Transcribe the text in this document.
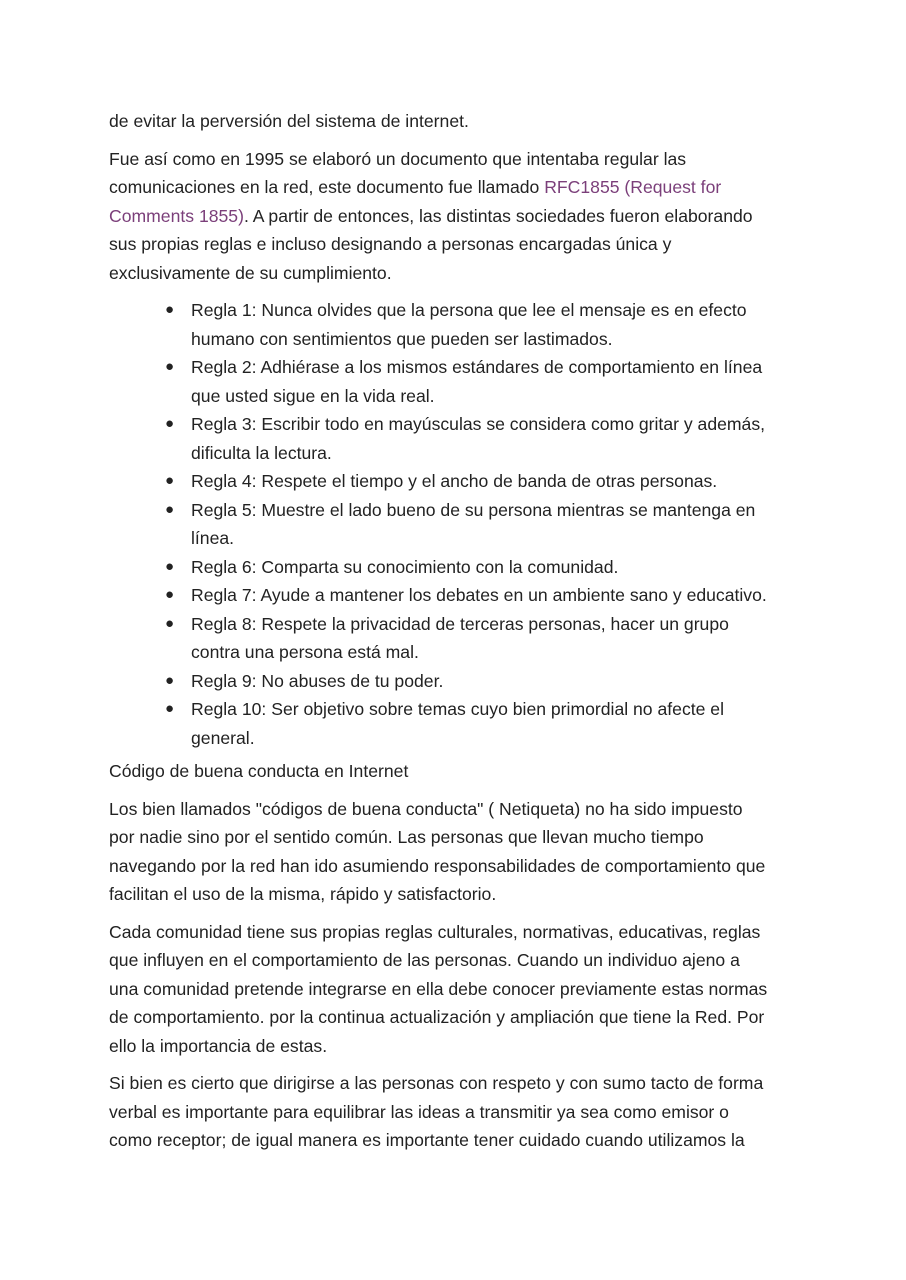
de evitar la perversión del sistema de internet.
Fue así como en 1995 se elaboró un documento que intentaba regular las
comunicaciones en la red, este documento fue llamado RFC1855 (Request for
Comments 1855). A partir de entonces, las distintas sociedades fueron elaborando
sus propias reglas e incluso designando a personas encargadas única y
exclusivamente de su cumplimiento.
● Regla 1: Nunca olvides que la persona que lee el mensaje es en efecto
humano con sentimientos que pueden ser lastimados.
● Regla 2: Adhiérase a los mismos estándares de comportamiento en línea
que usted sigue en la vida real.
● Regla 3: Escribir todo en mayúsculas se considera como gritar y además,
dificulta la lectura.
● Regla 4: Respete el tiempo y el ancho de banda de otras personas.
● Regla 5: Muestre el lado bueno de su persona mientras se mantenga en
línea.
● Regla 6: Comparta su conocimiento con la comunidad.
● Regla 7: Ayude a mantener los debates en un ambiente sano y educativo.
● Regla 8: Respete la privacidad de terceras personas, hacer un grupo
contra una persona está mal.
● Regla 9: No abuses de tu poder.
● Regla 10: Ser objetivo sobre temas cuyo bien primordial no afecte el
general.
Código de buena conducta en Internet
Los bien llamados "códigos de buena conducta" ( Netiqueta) no ha sido impuesto
por nadie sino por el sentido común. Las personas que llevan mucho tiempo
navegando por la red han ido asumiendo responsabilidades de comportamiento que
facilitan el uso de la misma, rápido y satisfactorio.
Cada comunidad tiene sus propias reglas culturales, normativas, educativas, reglas
que influyen en el comportamiento de las personas. Cuando un individuo ajeno a
una comunidad pretende integrarse en ella debe conocer previamente estas normas
de comportamiento. por la continua actualización y ampliación que tiene la Red. Por
ello la importancia de estas.
Si bien es cierto que dirigirse a las personas con respeto y con sumo tacto de forma
verbal es importante para equilibrar las ideas a transmitir ya sea como emisor o
como receptor; de igual manera es importante tener cuidado cuando utilizamos la
